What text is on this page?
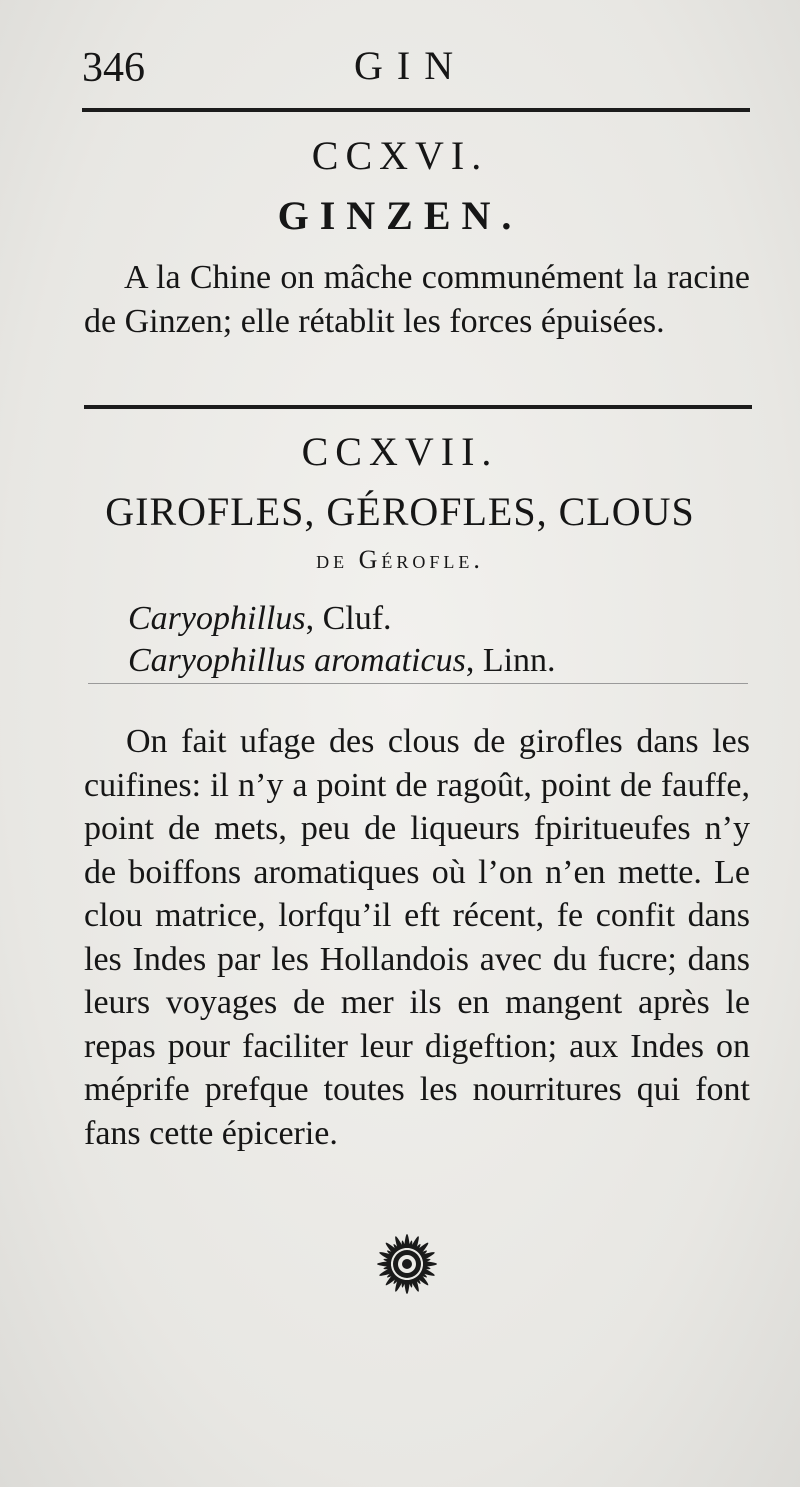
346	GIN
CCXVI.
GINZEN.

A la Chine on mâche communément la racine de Ginzen; elle rétablit les forces épuisées.

CCXVII.
GIROFLES, GÉROFLES, CLOUS
de Gérofle.
Caryophillus, Cluf.
Caryophillus aromaticus, Linn.

On fait ufage des clous de girofles dans les cuifines: il n’y a point de ragoût, point de fauffe, point de mets, peu de liqueurs fpiritueufes n’y de boiffons aromatiques où l’on n’en mette. Le clou matrice, lorfqu’il eft récent, fe confit dans les Indes par les Hollandois avec du fucre; dans leurs voyages de mer ils en mangent après le repas pour faciliter leur digeftion; aux Indes on méprife prefque toutes les nourritures qui font fans cette épicerie.
